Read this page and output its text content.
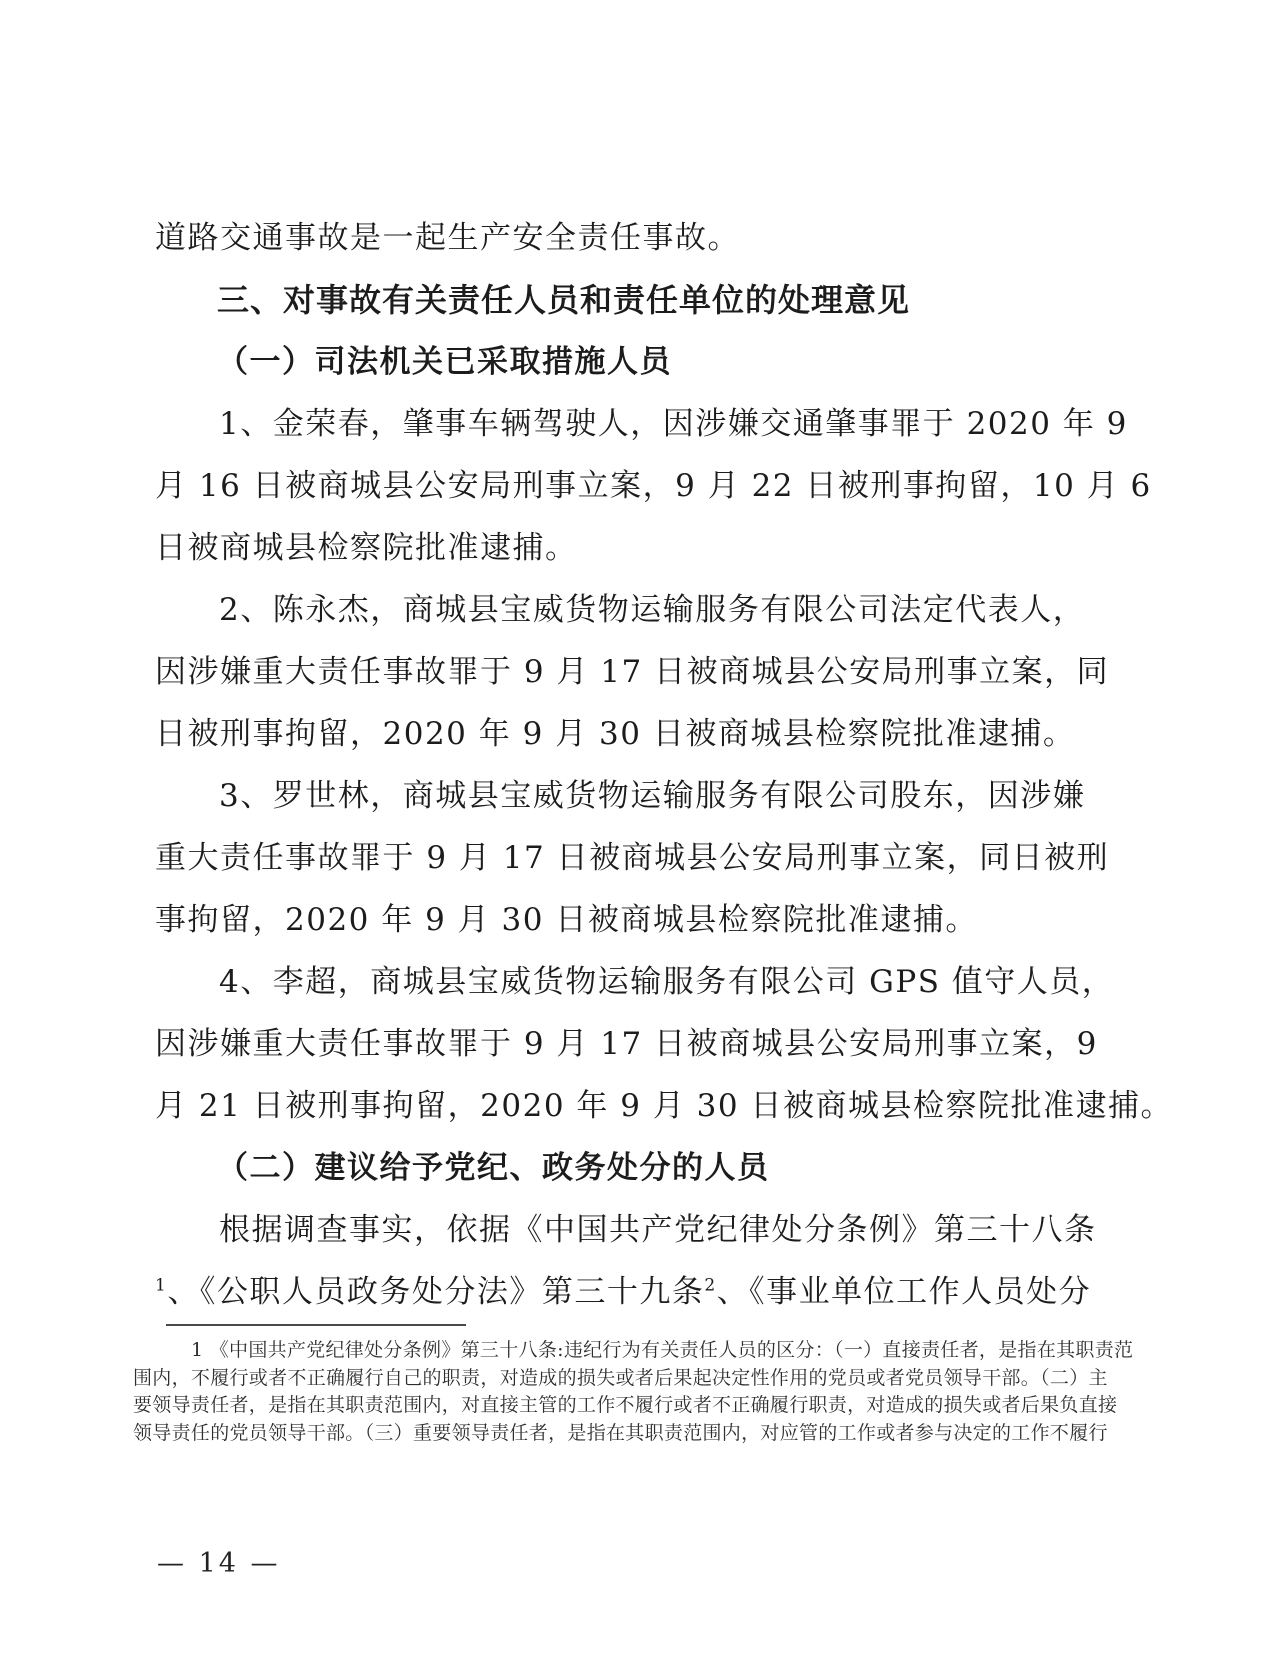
道路交通事故是一起生产安全责任事故。
三、对事故有关责任人员和责任单位的处理意见
（一）司法机关已采取措施人员
1、金荣春，肇事车辆驾驶人，因涉嫌交通肇事罪于 2020 年 9
月 16 日被商城县公安局刑事立案，9 月 22 日被刑事拘留，10 月 6
日被商城县检察院批准逮捕。
2、陈永杰，商城县宝威货物运输服务有限公司法定代表人，
因涉嫌重大责任事故罪于 9 月 17 日被商城县公安局刑事立案，同
日被刑事拘留，2020 年 9 月 30 日被商城县检察院批准逮捕。
3、罗世林，商城县宝威货物运输服务有限公司股东，因涉嫌
重大责任事故罪于 9 月 17 日被商城县公安局刑事立案，同日被刑
事拘留，2020 年 9 月 30 日被商城县检察院批准逮捕。
4、李超，商城县宝威货物运输服务有限公司 GPS 值守人员，
因涉嫌重大责任事故罪于 9 月 17 日被商城县公安局刑事立案，9
月 21 日被刑事拘留，2020 年 9 月 30 日被商城县检察院批准逮捕。
（二）建议给予党纪、政务处分的人员
根据调查事实，依据《中国共产党纪律处分条例》第三十八条
$^1$、《公职人员政务处分法》第三十九条$^2$、《事业单位工作人员处分
1 《中国共产党纪律处分条例》第三十八条:违纪行为有关责任人员的区分：（一）直接责任者，是指在其职责范
围内，不履行或者不正确履行自己的职责，对造成的损失或者后果起决定性作用的党员或者党员领导干部。（二）主
要领导责任者，是指在其职责范围内，对直接主管的工作不履行或者不正确履行职责，对造成的损失或者后果负直接
领导责任的党员领导干部。（三）重要领导责任者，是指在其职责范围内，对应管的工作或者参与决定的工作不履行
— 14 —
